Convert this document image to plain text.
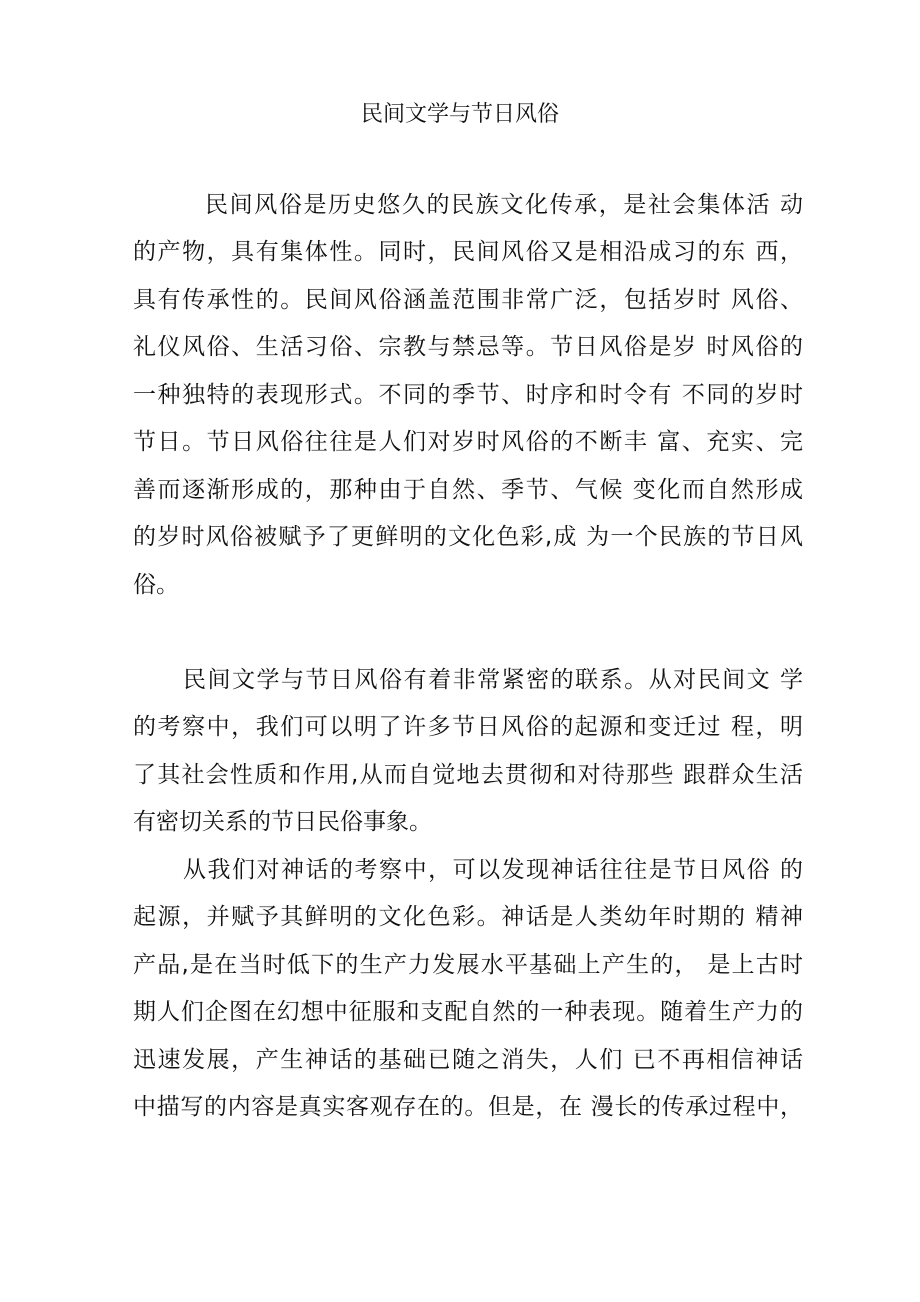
民间文学与节日风俗
民间风俗是历史悠久的民族文化传承，是社会集体活 动
的产物，具有集体性。同时，民间风俗又是相沿成习的东 西，
具有传承性的。民间风俗涵盖范围非常广泛，包括岁时 风俗、
礼仪风俗、生活习俗、宗教与禁忌等。节日风俗是岁 时风俗的
一种独特的表现形式。不同的季节、时序和时令有 不同的岁时
节日。节日风俗往往是人们对岁时风俗的不断丰 富、充实、完
善而逐渐形成的，那种由于自然、季节、气候 变化而自然形成
的岁时风俗被赋予了更鲜明的文化色彩,成 为一个民族的节日风
俗。
民间文学与节日风俗有着非常紧密的联系。从对民间文 学
的考察中，我们可以明了许多节日风俗的起源和变迁过 程，明
了其社会性质和作用,从而自觉地去贯彻和对待那些 跟群众生活
有密切关系的节日民俗事象。
从我们对神话的考察中，可以发现神话往往是节日风俗 的
起源，并赋予其鲜明的文化色彩。神话是人类幼年时期的 精神
产品,是在当时低下的生产力发展水平基础上产生的， 是上古时
期人们企图在幻想中征服和支配自然的一种表现。随着生产力的
迅速发展，产生神话的基础已随之消失，人们 已不再相信神话
中描写的内容是真实客观存在的。但是，在 漫长的传承过程中，
